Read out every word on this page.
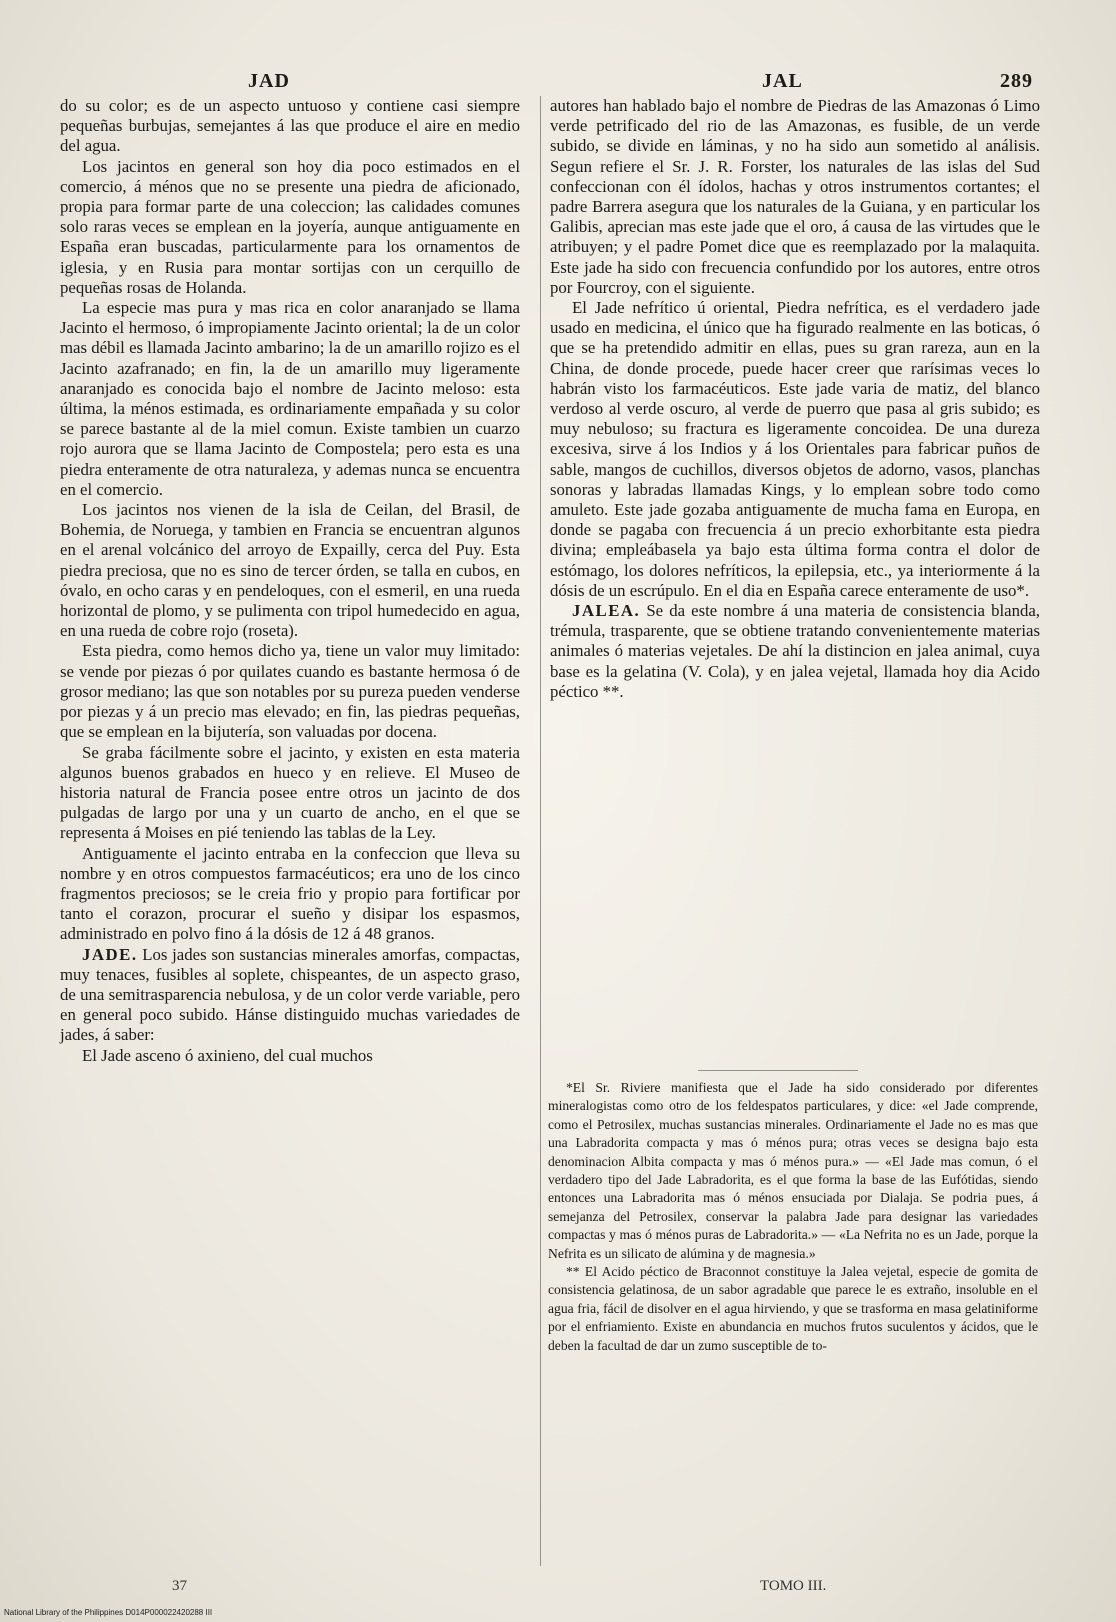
JAD	JAL	289

do su color; es de un aspecto untuoso y contiene casi siempre pequeñas burbujas, semejantes á las que produce el aire en medio del agua.

Los jacintos en general son hoy dia poco estimados en el comercio, á ménos que no se presente una piedra de aficionado, propia para formar parte de una coleccion; las calidades comunes solo raras veces se emplean en la joyería, aunque antiguamente en España eran buscadas, particularmente para los ornamentos de iglesia, y en Rusia para montar sortijas con un cerquillo de pequeñas rosas de Holanda.

La especie mas pura y mas rica en color anaranjado se llama Jacinto el hermoso, ó impropiamente Jacinto oriental; la de un color mas débil es llamada Jacinto ambarino; la de un amarillo rojizo es el Jacinto azafranado; en fin, la de un amarillo muy ligeramente anaranjado es conocida bajo el nombre de Jacinto meloso: esta última, la ménos estimada, es ordinariamente empañada y su color se parece bastante al de la miel comun. Existe tambien un cuarzo rojo aurora que se llama Jacinto de Compostela; pero esta es una piedra enteramente de otra naturaleza, y ademas nunca se encuentra en el comercio.

Los jacintos nos vienen de la isla de Ceilan, del Brasil, de Bohemia, de Noruega, y tambien en Francia se encuentran algunos en el arenal volcánico del arroyo de Expailly, cerca del Puy. Esta piedra preciosa, que no es sino de tercer órden, se talla en cubos, en óvalo, en ocho caras y en pendeloques, con el esmeril, en una rueda horizontal de plomo, y se pulimenta con tripol humedecido en agua, en una rueda de cobre rojo (roseta).

Esta piedra, como hemos dicho ya, tiene un valor muy limitado: se vende por piezas ó por quilates cuando es bastante hermosa ó de grosor mediano; las que son notables por su pureza pueden venderse por piezas y á un precio mas elevado; en fin, las piedras pequeñas, que se emplean en la bijutería, son valuadas por docena.

Se graba fácilmente sobre el jacinto, y existen en esta materia algunos buenos grabados en hueco y en relieve. El Museo de historia natural de Francia posee entre otros un jacinto de dos pulgadas de largo por una y un cuarto de ancho, en el que se representa á Moises en pié teniendo las tablas de la Ley.

Antiguamente el jacinto entraba en la confeccion que lleva su nombre y en otros compuestos farmacéuticos; era uno de los cinco fragmentos preciosos; se le creia frio y propio para fortificar por tanto el corazon, procurar el sueño y disipar los espasmos, administrado en polvo fino á la dósis de 12 á 48 granos.

JADE. Los jades son sustancias minerales amorfas, compactas, muy tenaces, fusibles al soplete, chispeantes, de un aspecto graso, de una semitrasparencia nebulosa, y de un color verde variable, pero en general poco subido. Hánse distinguido muchas variedades de jades, á saber:

El Jade asceno ó axinieno, del cual muchos

autores han hablado bajo el nombre de Piedras de las Amazonas ó Limo verde petrificado del rio de las Amazonas, es fusible, de un verde subido, se divide en láminas, y no ha sido aun sometido al análisis. Segun refiere el Sr. J. R. Forster, los naturales de las islas del Sud confeccionan con él ídolos, hachas y otros instrumentos cortantes; el padre Barrera asegura que los naturales de la Guiana, y en particular los Galibis, aprecian mas este jade que el oro, á causa de las virtudes que le atribuyen; y el padre Pomet dice que es reemplazado por la malaquita. Este jade ha sido con frecuencia confundido por los autores, entre otros por Fourcroy, con el siguiente.

El Jade nefrítico ú oriental, Piedra nefrítica, es el verdadero jade usado en medicina, el único que ha figurado realmente en las boticas, ó que se ha pretendido admitir en ellas, pues su gran rareza, aun en la China, de donde procede, puede hacer creer que rarísimas veces lo habrán visto los farmacéuticos. Este jade varia de matiz, del blanco verdoso al verde oscuro, al verde de puerro que pasa al gris subido; es muy nebuloso; su fractura es ligeramente concoidea. De una dureza excesiva, sirve á los Indios y á los Orientales para fabricar puños de sable, mangos de cuchillos, diversos objetos de adorno, vasos, planchas sonoras y labradas llamadas Kings, y lo emplean sobre todo como amuleto. Este jade gozaba antiguamente de mucha fama en Europa, en donde se pagaba con frecuencia á un precio exhorbitante esta piedra divina; empleábasela ya bajo esta última forma contra el dolor de estómago, los dolores nefríticos, la epilepsia, etc., ya interiormente á la dósis de un escrúpulo. En el dia en España carece enteramente de uso*.

JALEA. Se da este nombre á una materia de consistencia blanda, trémula, trasparente, que se obtiene tratando convenientemente materias animales ó materias vejetales. De ahí la distincion en jalea animal, cuya base es la gelatina (V. Cola), y en jalea vejetal, llamada hoy dia Acido péctico **.

*El Sr. Riviere manifiesta que el Jade ha sido considerado por diferentes mineralogistas como otro de los feldespatos particulares, y dice: «el Jade comprende, como el Petrosilex, muchas sustancias minerales. Ordinariamente el Jade no es mas que una Labradorita compacta y mas ó ménos pura; otras veces se designa bajo esta denominacion Albita compacta y mas ó ménos pura.» — «El Jade mas comun, ó el verdadero tipo del Jade Labradorita, es el que forma la base de las Eufótidas, siendo entonces una Labradorita mas ó ménos ensuciada por Dialaja. Se podria pues, á semejanza del Petrosilex, conservar la palabra Jade para designar las variedades compactas y mas ó ménos puras de Labradorita.» — «La Nefrita no es un Jade, porque la Nefrita es un silicato de alúmina y de magnesia.»

** El Acido péctico de Braconnot constituye la Jalea vejetal, especie de gomita de consistencia gelatinosa, de un sabor agradable que parece le es extraño, insoluble en el agua fria, fácil de disolver en el agua hirviendo, y que se trasforma en masa gelatiniforme por el enfriamiento. Existe en abundancia en muchos frutos suculentos y ácidos, que le deben la facultad de dar un zumo susceptible de to-

37	TOMO III.
National Library of the Philippines D014P000022420288 III
